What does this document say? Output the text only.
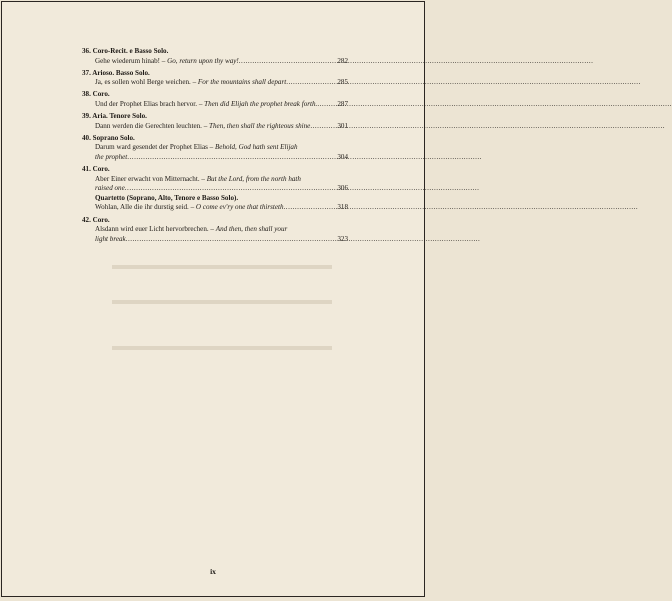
36. Coro-Recit. e Basso Solo.
Gehe wiederum hinab! – Go, return upon thy way! .....	282
37. Arioso. Basso Solo.
Ja, es sollen wohl Berge weichen. – For the mountains shall depart .....	285
38. Coro.
Und der Prophet Elias brach hervor. – Then did Elijah the prophet break forth. .....	287
39. Aria. Tenore Solo.
Dann werden die Gerechten leuchten. – Then, then shall the righteous shine .....	301
40. Soprano Solo.
Darum ward gesendet der Prophet Elias – Behold, God hath sent Elijah
the prophet .....	304
41. Coro.
Aber Einer erwacht von Mitternacht. – But the Lord, from the north hath
raised one .....	306
Quartetto (Soprano, Alto, Tenore e Basso Solo).
Wohlan, Alle die ihr durstig seid. – O come ev'ry one that thirsteth .....	318
42. Coro.
Alsdann wird euer Licht hervorbrechen. – And then, then shall your
light break .....	323
ix
